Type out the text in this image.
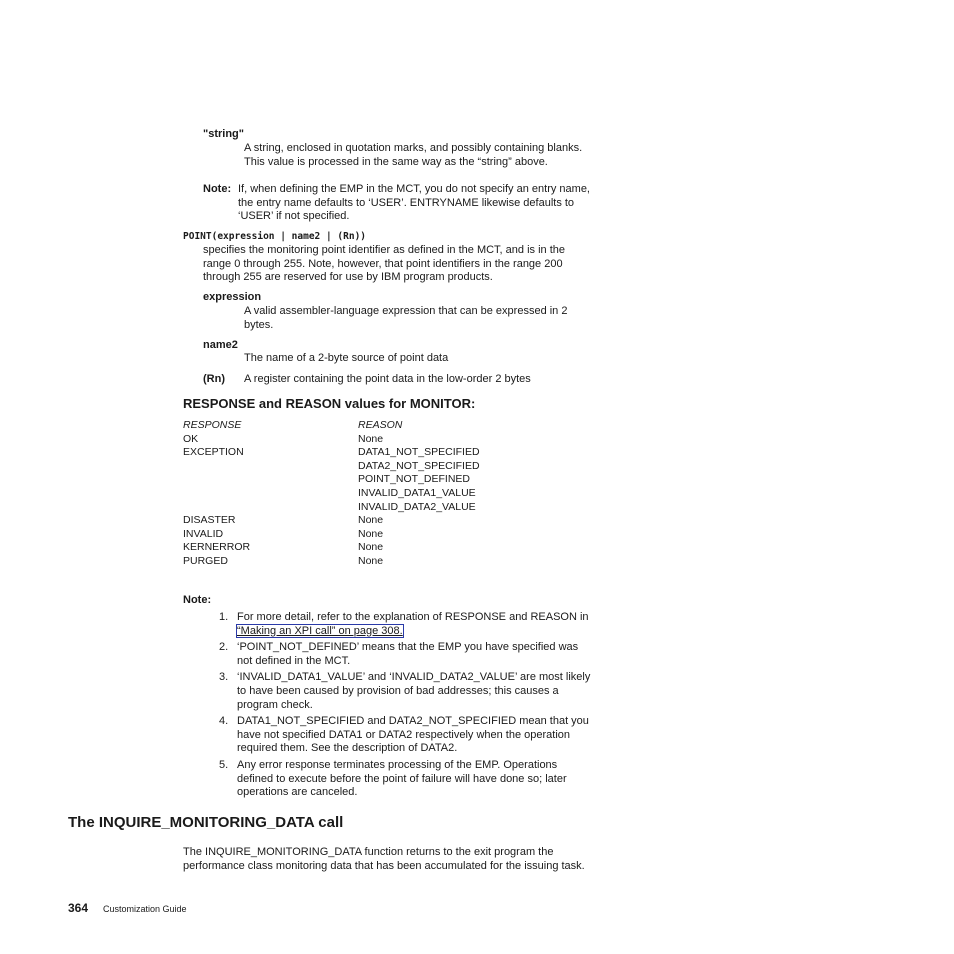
"string"
A string, enclosed in quotation marks, and possibly containing blanks.
This value is processed in the same way as the “string” above.
Note: If, when defining the EMP in the MCT, you do not specify an entry name,
the entry name defaults to ‘USER’. ENTRYNAME likewise defaults to
‘USER’ if not specified.
POINT(expression | name2 | (Rn))
specifies the monitoring point identifier as defined in the MCT, and is in the
range 0 through 255. Note, however, that point identifiers in the range 200
through 255 are reserved for use by IBM program products.
expression
A valid assembler-language expression that can be expressed in 2
bytes.
name2
The name of a 2-byte source of point data
(Rn) A register containing the point data in the low-order 2 bytes
RESPONSE and REASON values for MONITOR:
RESPONSE	REASON
OK	None
EXCEPTION	DATA1_NOT_SPECIFIED
	DATA2_NOT_SPECIFIED
	POINT_NOT_DEFINED
	INVALID_DATA1_VALUE
	INVALID_DATA2_VALUE
DISASTER	None
INVALID	None
KERNERROR	None
PURGED	None
Note:
1. For more detail, refer to the explanation of RESPONSE and REASON in
“Making an XPI call” on page 308.
2. ‘POINT_NOT_DEFINED’ means that the EMP you have specified was
not defined in the MCT.
3. ‘INVALID_DATA1_VALUE’ and ‘INVALID_DATA2_VALUE’ are most likely
to have been caused by provision of bad addresses; this causes a
program check.
4. DATA1_NOT_SPECIFIED and DATA2_NOT_SPECIFIED mean that you
have not specified DATA1 or DATA2 respectively when the operation
required them. See the description of DATA2.
5. Any error response terminates processing of the EMP. Operations
defined to execute before the point of failure will have done so; later
operations are canceled.
The INQUIRE_MONITORING_DATA call
The INQUIRE_MONITORING_DATA function returns to the exit program the
performance class monitoring data that has been accumulated for the issuing task.
364 Customization Guide
